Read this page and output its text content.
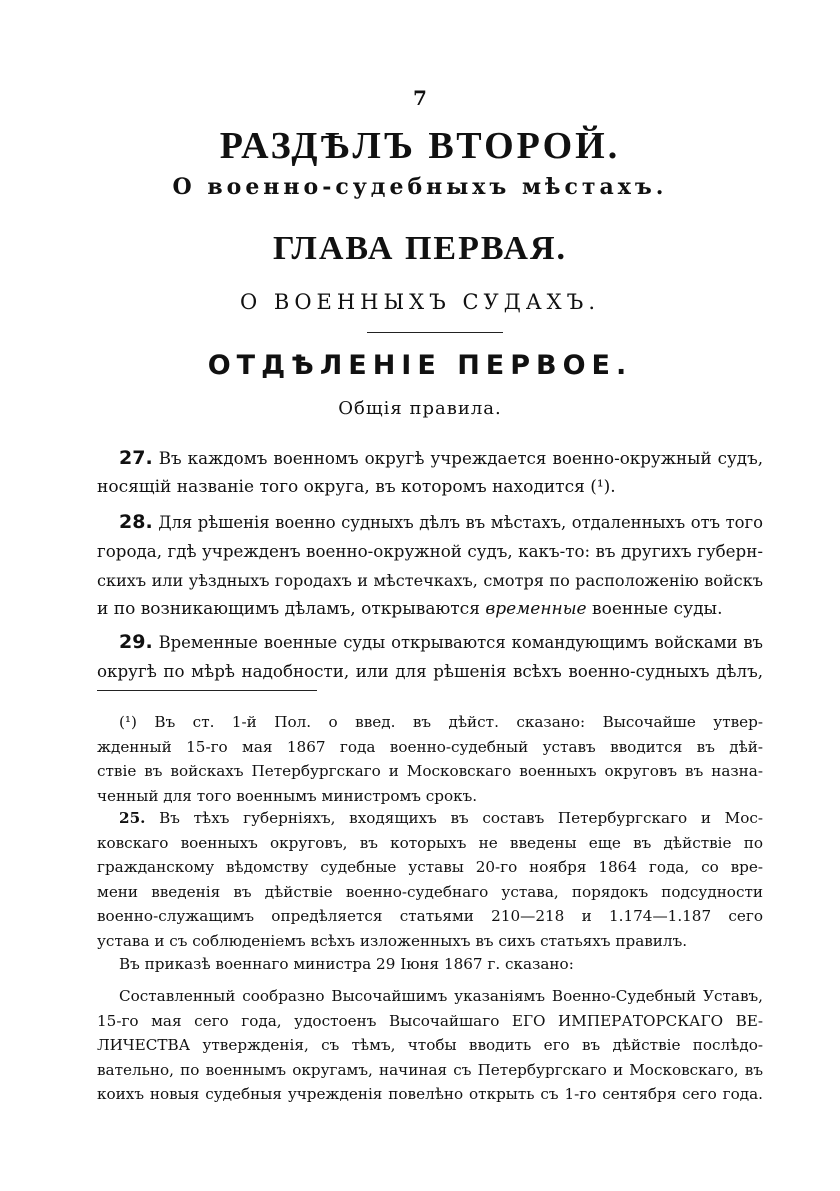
7
РАЗДѢЛЪ ВТОРОЙ.
О военно-судебныхъ мѣстахъ.
ГЛАВА ПЕРВАЯ.
О ВОЕННЫХЪ СУДАХЪ.
ОТДѢЛЕНІЕ ПЕРВОЕ.
Общія правила.
27. Въ каждомъ военномъ округѣ учреждается военно-окружный судъ,
носящій названіе того округа, въ которомъ находится (¹).
28. Для рѣшенія военно судныхъ дѣлъ въ мѣстахъ, отдаленныхъ отъ того
города, гдѣ учрежденъ военно-окружной судъ, какъ-то: въ другихъ губерн-
скихъ или уѣздныхъ городахъ и мѣстечкахъ, смотря по расположенію войскъ
и по возникающимъ дѣламъ, открываются временные военные суды.
29. Временные военные суды открываются командующимъ войсками въ
округѣ по мѣрѣ надобности, или для рѣшенія всѣхъ военно-судныхъ дѣлъ,
(¹) Въ ст. 1-й Пол. о введ. въ дѣйст. сказано: Высочайше утвер-
жденный 15-го мая 1867 года военно-судебный уставъ вводится въ дѣй-
ствіе въ войскахъ Петербургскаго и Московскаго военныхъ округовъ въ назна-
ченный для того военнымъ министромъ срокъ.
25. Въ тѣхъ губерніяхъ, входящихъ въ составъ Петербургскаго и Мос-
ковскаго военныхъ округовъ, въ которыхъ не введены еще въ дѣйствіе по
гражданскому вѣдомству судебные уставы 20-го ноября 1864 года, со вре-
мени введенія въ дѣйствіе военно-судебнаго устава, порядокъ подсудности
военно-служащимъ опредѣляется статьями 210—218 и 1.174—1.187 сего
устава и съ соблюденіемъ всѣхъ изложенныхъ въ сихъ статьяхъ правилъ.
Въ приказѣ военнаго министра 29 Іюня 1867 г. сказано:
Составленный сообразно Высочайшимъ указаніямъ Военно-Судебный Уставъ,
15-го мая сего года, удостоенъ Высочайшаго ЕГО ИМПЕРАТОРСКАГО ВЕ-
ЛИЧЕСТВА утвержденія, съ тѣмъ, чтобы вводить его въ дѣйствіе послѣдо-
вательно, по военнымъ округамъ, начиная съ Петербургскаго и Московскаго, въ
коихъ новыя судебныя учрежденія повелѣно открыть съ 1-го сентября сего года.
